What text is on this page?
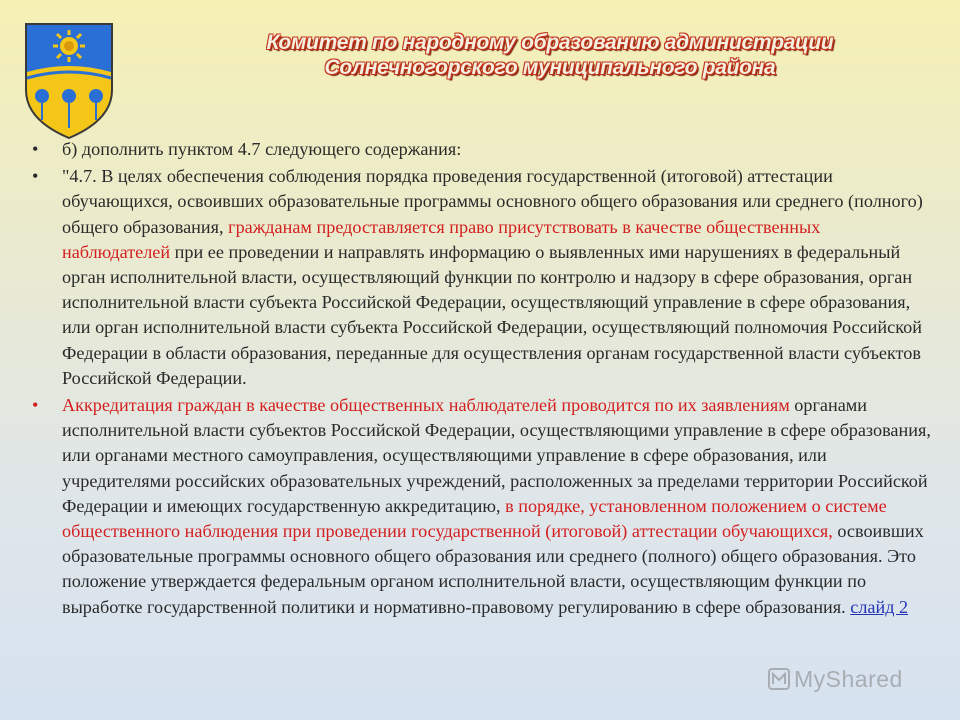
Комитет по народному образованию администрации
Солнечногорского муниципального района

•	б) дополнить пунктом 4.7 следующего содержания:

•	"4.7. В целях обеспечения соблюдения порядка проведения государственной (итоговой) аттестации обучающихся, освоивших образовательные программы основного общего образования или среднего (полного) общего образования, гражданам предоставляется право присутствовать в качестве общественных наблюдателей при ее проведении и направлять информацию о выявленных ими нарушениях в федеральный орган исполнительной власти, осуществляющий функции по контролю и надзору в сфере образования, орган исполнительной власти субъекта Российской Федерации, осуществляющий управление в сфере образования, или орган исполнительной власти субъекта Российской Федерации, осуществляющий полномочия Российской Федерации в области образования, переданные для осуществления органам государственной власти субъектов Российской Федерации.

•	Аккредитация граждан в качестве общественных наблюдателей проводится по их заявлениям органами исполнительной власти субъектов Российской Федерации, осуществляющими управление в сфере образования, или органами местного самоуправления, осуществляющими управление в сфере образования, или учредителями российских образовательных учреждений, расположенных за пределами территории Российской Федерации и имеющих государственную аккредитацию, в порядке, установленном положением о системе общественного наблюдения при проведении государственной (итоговой) аттестации обучающихся, освоивших образовательные программы основного общего образования или среднего (полного) общего образования. Это положение утверждается федеральным органом исполнительной власти, осуществляющим функции по выработке государственной политики и нормативно-правовому регулированию в сфере образования. слайд 2

MyShared
